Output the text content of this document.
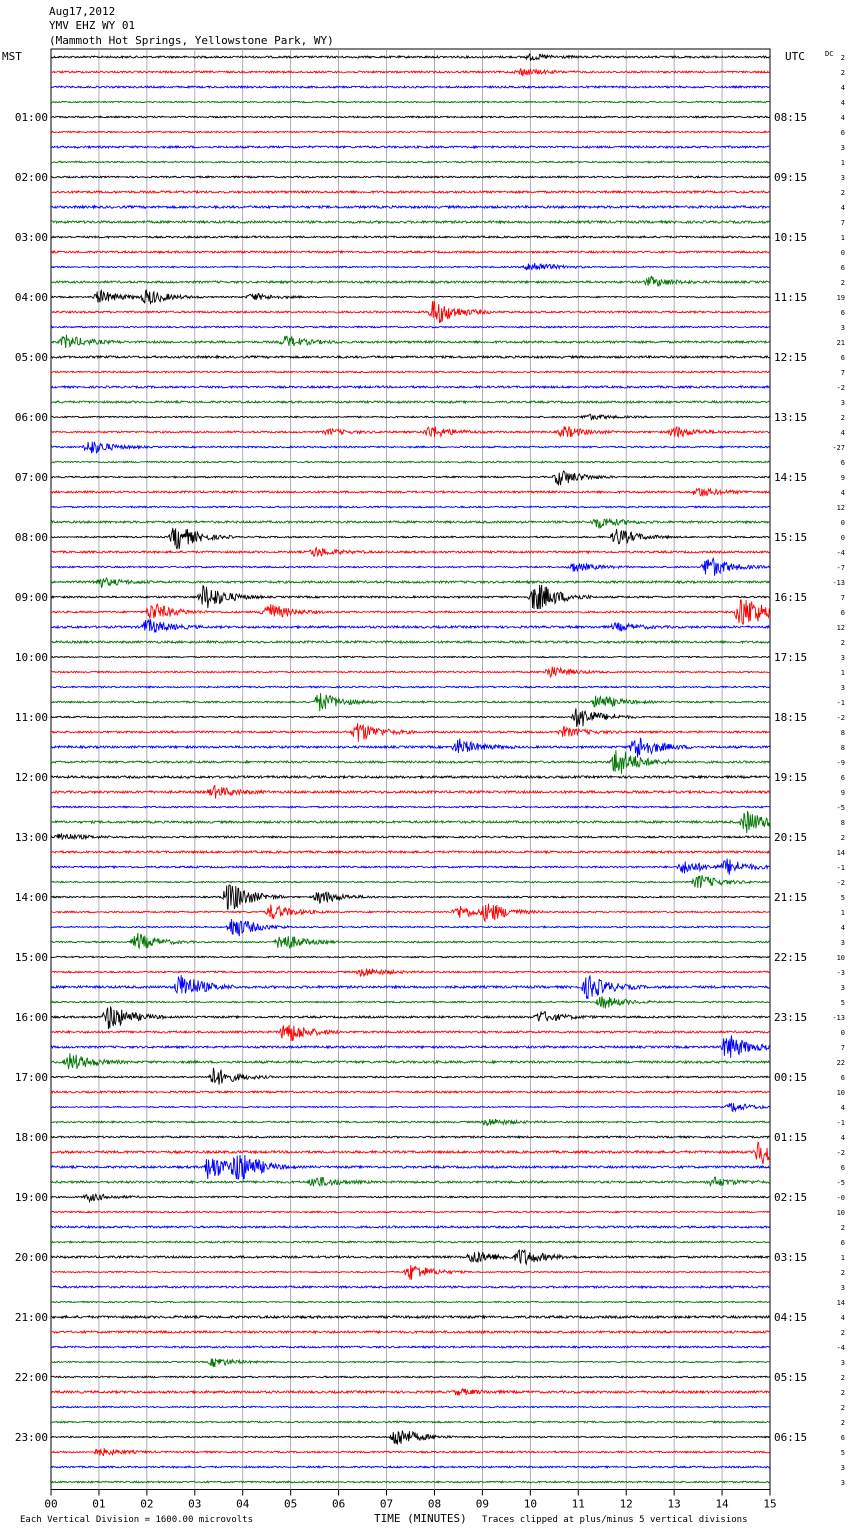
Aug17,2012
YMV EHZ WY 01
(Mammoth Hot Springs, Yellowstone Park, WY)
MST	UTC
01:00
02:00
03:00
04:00
05:00
06:00
07:00
08:00
09:00
10:00
11:00
12:00
13:00
14:00
15:00
16:00
17:00
18:00
19:00
20:00
21:00
22:00
23:00
08:15
09:15
10:15
11:15
12:15
13:15
14:15
15:15
16:15
17:15
18:15
19:15
20:15
21:15
22:15
23:15
00:15
01:15
02:15
03:15
04:15
05:15
06:15
DC 2
2
4
4
4
6
3
1
3
2
4
7
1
0
6
2
19
6
3
21
6
7
-2
3
2
4
-27
6
9
4
12
0
0
-4
-7
-13
7
6
12
2
3
1
3
-1
-2
8
8
-9
6
9
-5
8
2
14
-1
-2
5
1
4
3
10
-3
3
5
-13
0
7
22
6
10
4
-1
4
-2
6
-5
-0
10
2
6
1
2
3
14
4
2
-4
3
2
2
2
2
6
5
3
3
00	01	02	03	04	05	06	07	08	09	10	11	12	13	14	15
Each Vertical Division = 1600.00 microvolts	TIME (MINUTES) Traces clipped at plus/minus 5 vertical divisions
